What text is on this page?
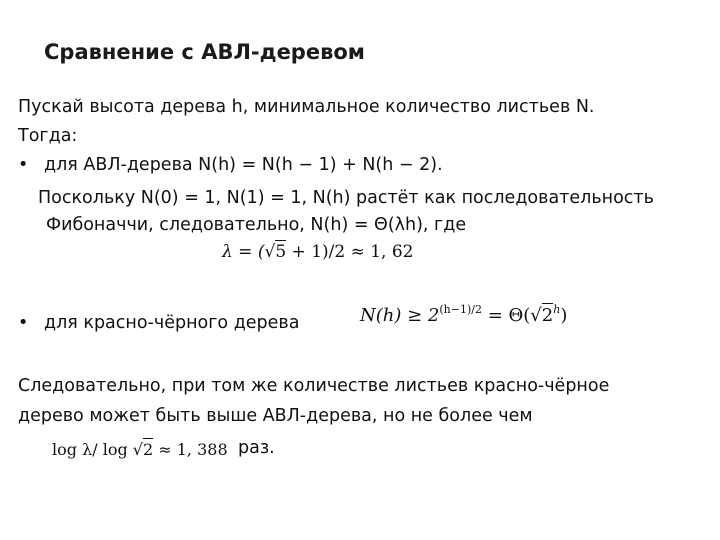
Сравнение с АВЛ-деревом
Пускай высота дерева h, минимальное количество листьев N.
Тогда:
• для АВЛ-дерева N(h) = N(h − 1) + N(h − 2).
Поскольку N(0) = 1, N(1) = 1, N(h) растёт как последовательность
Фибоначчи, следовательно, N(h) = Θ(λh), где
λ = (√5 + 1)/2 ≈ 1, 62
• для красно-чёрного дерева	$N(h) \ge 2^{(h-1)/2} = \Theta(√2^h)$
Следовательно, при том же количестве листьев красно-чёрное
дерево может быть выше АВЛ-дерева, но не более чем
log λ/ log √2 ≈ 1, 388 раз.
